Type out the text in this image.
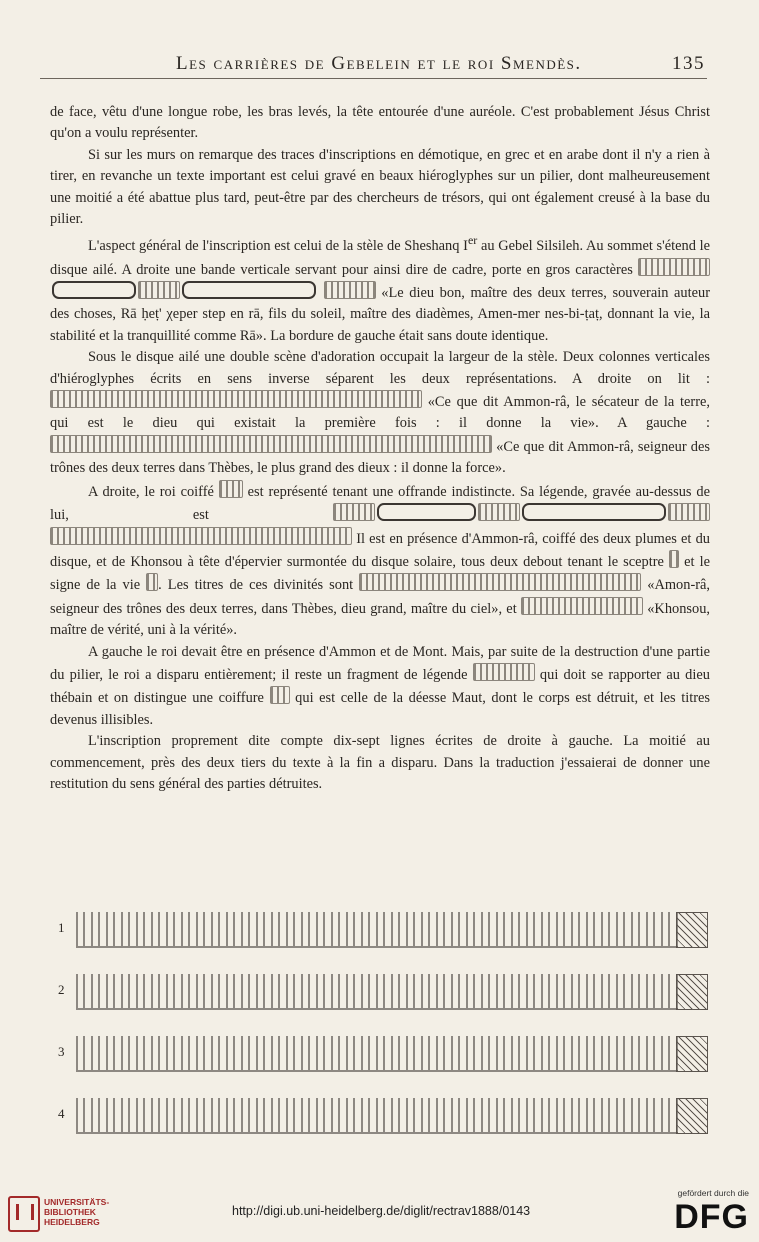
Les carrières de Gebelein et le roi Smendès.	135

de face, vêtu d'une longue robe, les bras levés, la tête entourée d'une auréole. C'est probablement Jésus Christ qu'on a voulu représenter.

Si sur les murs on remarque des traces d'inscriptions en démotique, en grec et en arabe dont il n'y a rien à tirer, en revanche un texte important est celui gravé en beaux hiéroglyphes sur un pilier, dont malheureusement une moitié a été abattue plus tard, peut-être par des chercheurs de trésors, qui ont également creusé à la base du pilier.

L'aspect général de l'inscription est celui de la stèle de Sheshanq Ier au Gebel Silsileh. Au sommet s'étend le disque ailé. A droite une bande verticale servant pour ainsi dire de cadre, porte en gros caractères   «Le dieu bon, maître des deux terres, souverain auteur des choses, Rā ḥeṭ' χeper step en rā, fils du soleil, maître des diadèmes, Amen-mer nes-bi-ṭaṭ, donnant la vie, la stabilité et la tranquillité comme Rā». La bordure de gauche était sans doute identique.

Sous le disque ailé une double scène d'adoration occupait la largeur de la stèle. Deux colonnes verticales d'hiéroglyphes écrits en sens inverse séparent les deux représentations. A droite on lit :  «Ce que dit Ammon-râ, le sécateur de la terre, qui est le dieu qui existait la première fois : il donne la vie». A gauche :  «Ce que dit Ammon-râ, seigneur des trônes des deux terres dans Thèbes, le plus grand des dieux : il donne la force».

A droite, le roi coiffé est représenté tenant une offrande indistincte. Sa légende, gravée au-dessus de lui, est   Il est en présence d'Ammon-râ, coiffé des deux plumes et du disque, et de Khonsou à tête d'épervier surmontée du disque solaire, tous deux debout tenant le sceptre et le signe de la vie . Les titres de ces divinités sont	«Amon-râ, seigneur des trônes des deux terres, dans Thèbes, dieu grand, maître du ciel», et	«Khonsou, maître de vérité, uni à la vérité».

A gauche le roi devait être en présence d'Ammon et de Mont. Mais, par suite de la destruction d'une partie du pilier, le roi a disparu entièrement; il reste un fragment de légende	qui doit se rapporter au dieu thébain et on distingue une coiffure qui est celle de la déesse Maut, dont le corps est détruit, et les titres devenus illisibles.

L'inscription proprement dite compte dix-sept lignes écrites de droite à gauche. La moitié au commencement, près des deux tiers du texte à la fin a disparu. Dans la traduction j'essaierai de donner une restitution du sens général des parties détruites.

1
2
3
4
UNIVERSITÄTS-
BIBLIOTHEK
HEIDELBERG
http://digi.ub.uni-heidelberg.de/diglit/rectrav1888/0143
gefördert durch die
DFG
